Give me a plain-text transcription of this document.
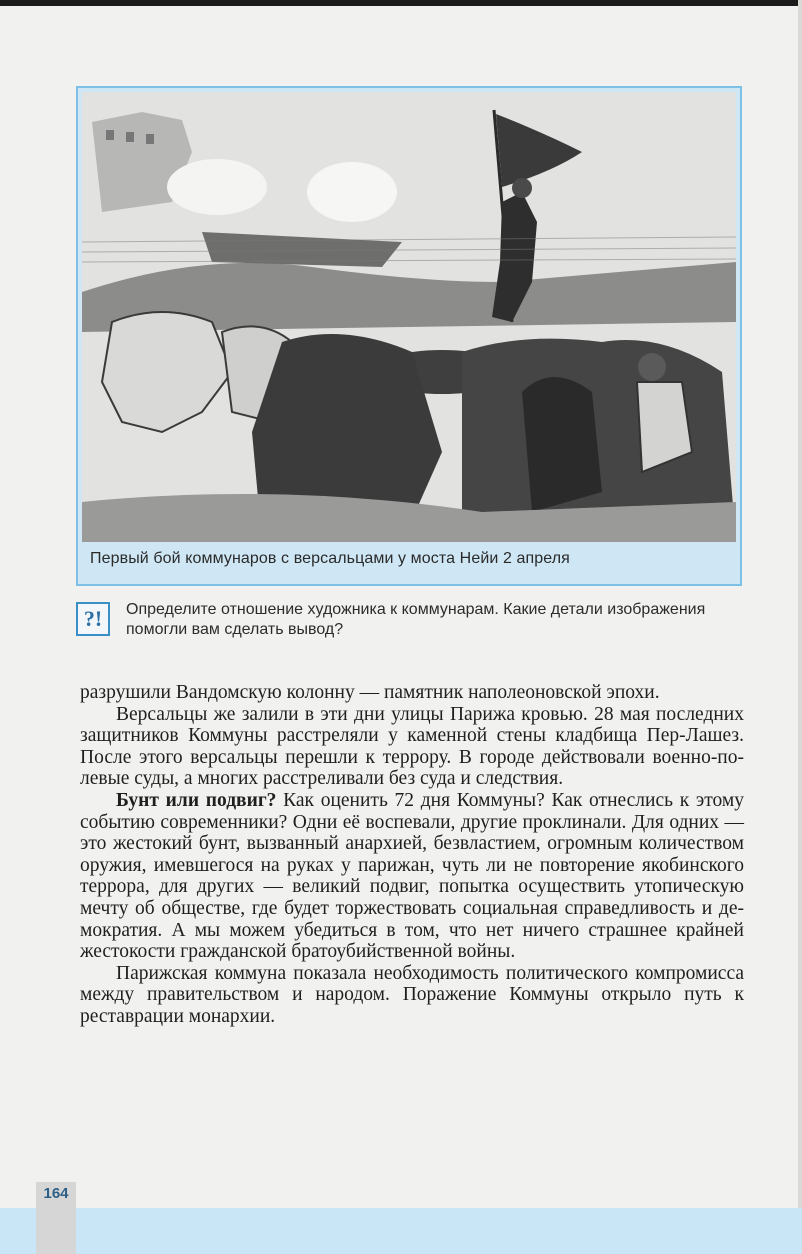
Первый бой коммунаров с версальцами у моста Нейи 2 апреля
?!	Определите отношение художника к коммунарам. Какие детали изображения помогли вам сделать вывод?

разрушили Вандомскую колонну — памятник наполеоновской эпохи.

Версальцы же залили в эти дни улицы Парижа кровью. 28 мая последних защитников Коммуны расстреляли у каменной стены кладбища Пер-Лашез. После этого версальцы перешли к террору. В городе действовали военно-полевые суды, а многих расстреливали без суда и следствия.

Бунт или подвиг? Как оценить 72 дня Коммуны? Как отнеслись к этому событию современники? Одни её воспевали, другие проклинали. Для одних — это жестокий бунт, вызванный анархией, безвластием, огромным количеством оружия, имевшегося на руках у парижан, чуть ли не повторение якобинского террора, для других — великий подвиг, попытка осуществить утопическую мечту об обществе, где будет торжествовать социальная справедливость и демократия. А мы можем убедиться в том, что нет ничего страшнее крайней жестокости гражданской братоубийственной войны.

Парижская коммуна показала необходимость политического компромисса между правительством и народом. Поражение Коммуны открыло путь к реставрации монархии.

164
